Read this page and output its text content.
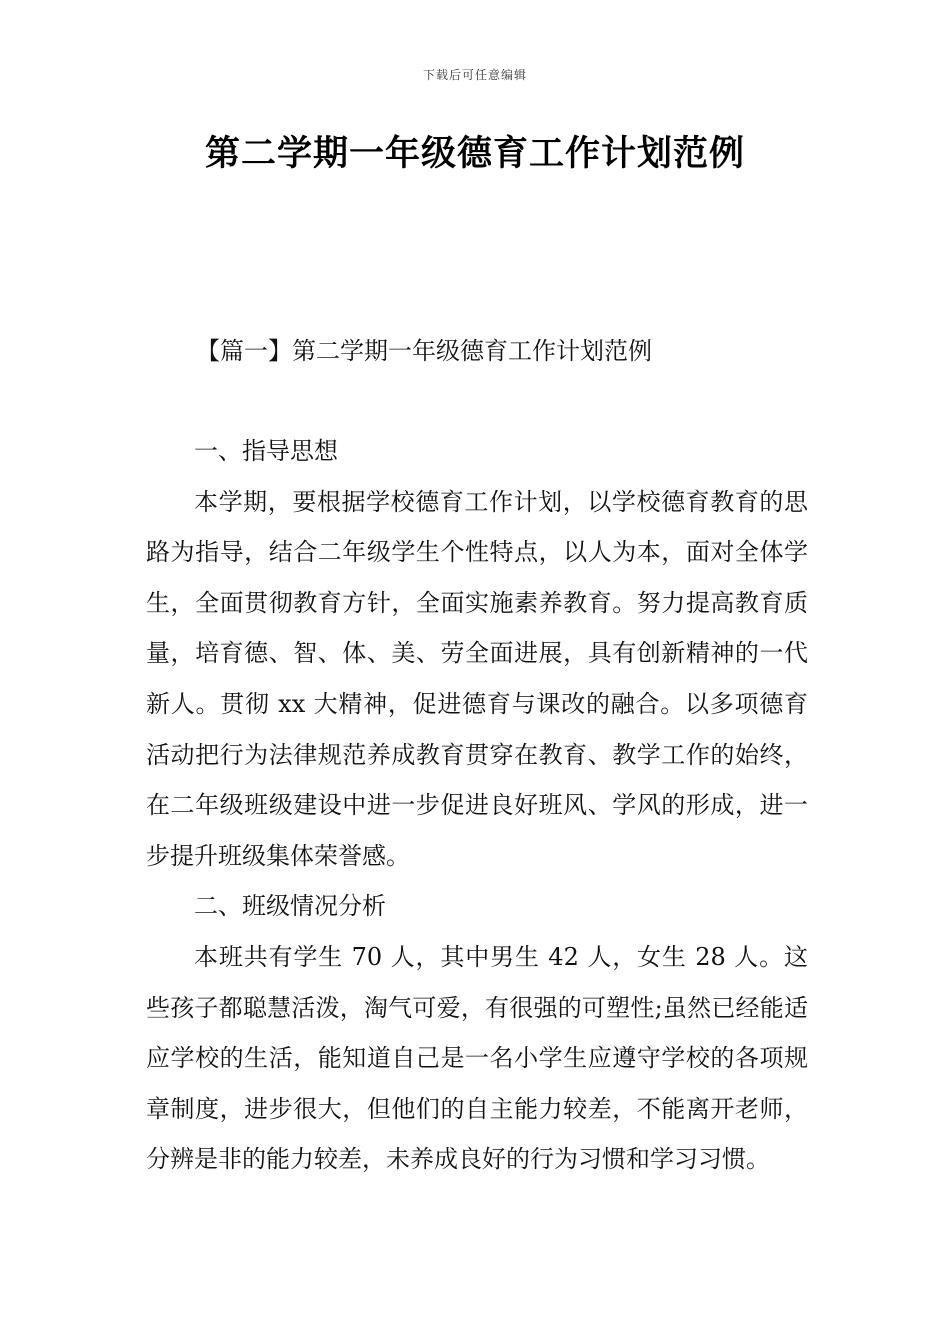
下载后可任意编辑
第二学期一年级德育工作计划范例
【篇一】第二学期一年级德育工作计划范例
一、指导思想

本学期，要根据学校德育工作计划，以学校德育教育的思路为指导，结合二年级学生个性特点，以人为本，面对全体学生，全面贯彻教育方针，全面实施素养教育。努力提高教育质量，培育德、智、体、美、劳全面进展，具有创新精神的一代新人。贯彻 xx 大精神，促进德育与课改的融合。以多项德育活动把行为法律规范养成教育贯穿在教育、教学工作的始终，在二年级班级建设中进一步促进良好班风、学风的形成，进一步提升班级集体荣誉感。

二、班级情况分析

本班共有学生 70 人，其中男生 42 人，女生 28 人。这些孩子都聪慧活泼，淘气可爱，有很强的可塑性;虽然已经能适应学校的生活，能知道自己是一名小学生应遵守学校的各项规章制度，进步很大，但他们的自主能力较差，不能离开老师，分辨是非的能力较差，未养成良好的行为习惯和学习习惯。
